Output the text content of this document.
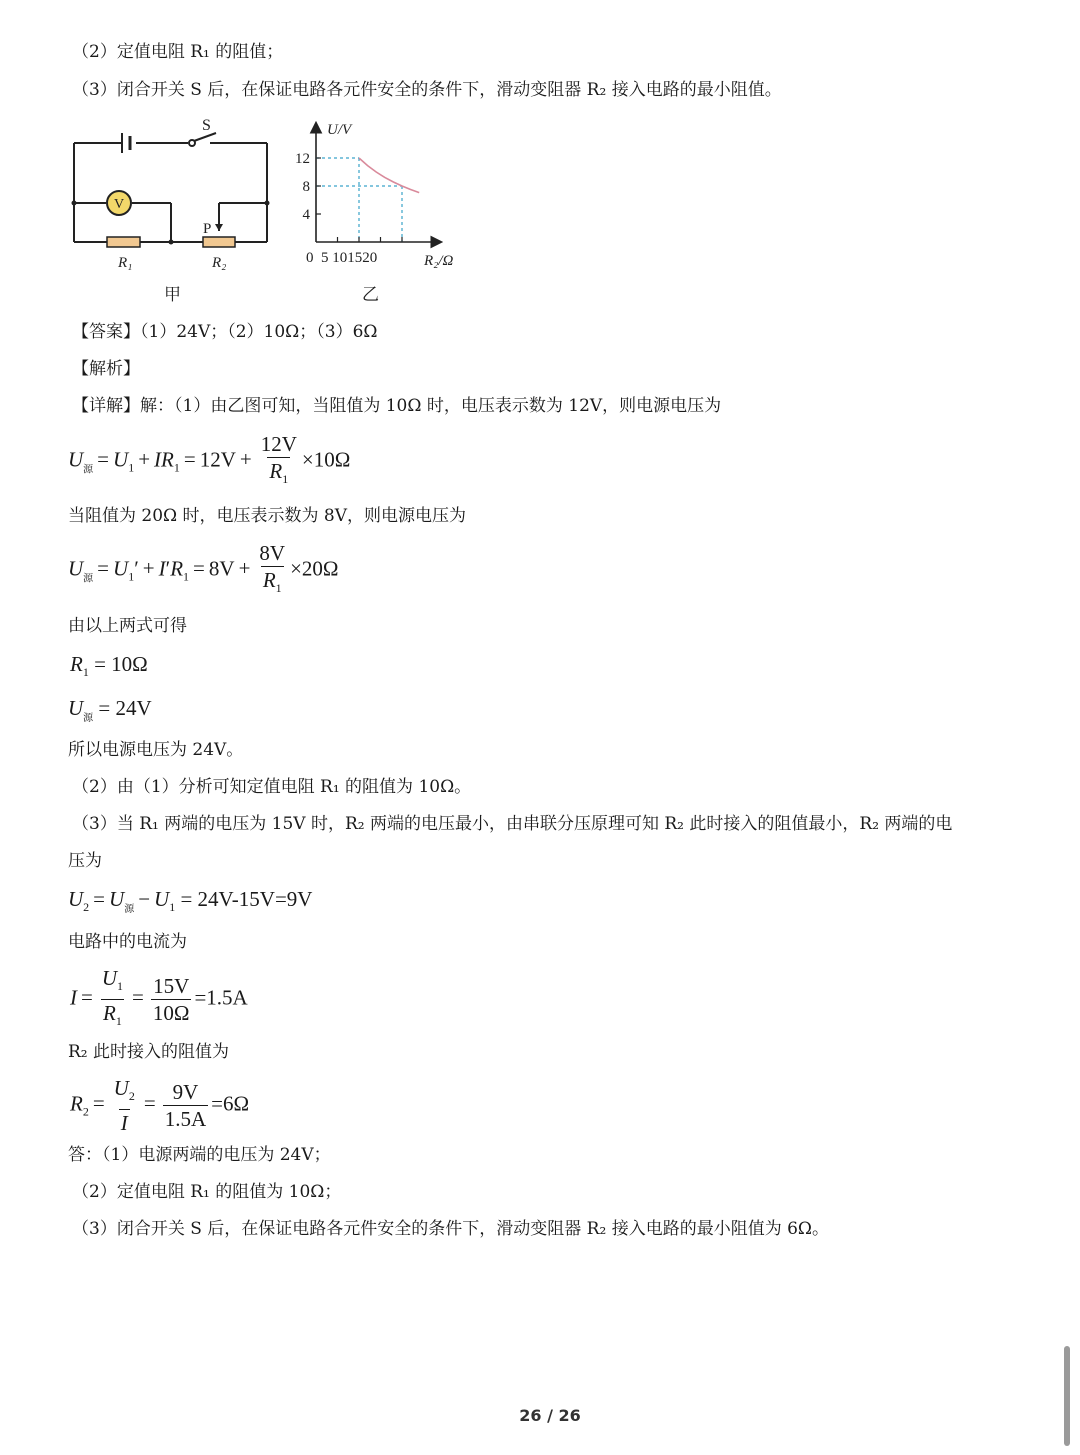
（2）定值电阻 R₁ 的阻值；
（3）闭合开关 S 后，在保证电路各元件安全的条件下，滑动变阻器 R₂ 接入电路的最小阻值。
V
S
P
R₁	R₂
甲
4
8
12
U/V
R₂/Ω
0  5 101520
乙
【答案】（1）24V；（2）10Ω；（3）6Ω
【解析】
【详解】解：（1）由乙图可知，当阻值为 10Ω 时，电压表示数为 12V，则电源电压为
$U_源 = U_1 + IR_1 = 12V + \frac{12V}{R_1} \times 10\Omega$
当阻值为 20Ω 时，电压表示数为 8V，则电源电压为
$U_源 = U_1' + I'R_1 = 8V + \frac{8V}{R_1} \times 20\Omega$
由以上两式可得
$R_1 = 10\Omega$
$U_源 = 24V$
所以电源电压为 24V。
（2）由（1）分析可知定值电阻 R₁ 的阻值为 10Ω。
（3）当 R₁ 两端的电压为 15V 时，R₂ 两端的电压最小，由串联分压原理可知 R₂ 此时接入的阻值最小，R₂ 两端的电
压为
$U_2 = U_源 - U_1 = 24V-15V=9V$
电路中的电流为
$I = \frac{U_1}{R_1} = \frac{15V}{10\Omega} =1.5A$
R₂ 此时接入的阻值为
$R_2 = \frac{U_2}{I} = \frac{9V}{1.5A} =6\Omega$
答：（1）电源两端的电压为 24V；
（2）定值电阻 R₁ 的阻值为 10Ω；
（3）闭合开关 S 后，在保证电路各元件安全的条件下，滑动变阻器 R₂ 接入电路的最小阻值为 6Ω。
26 / 26
